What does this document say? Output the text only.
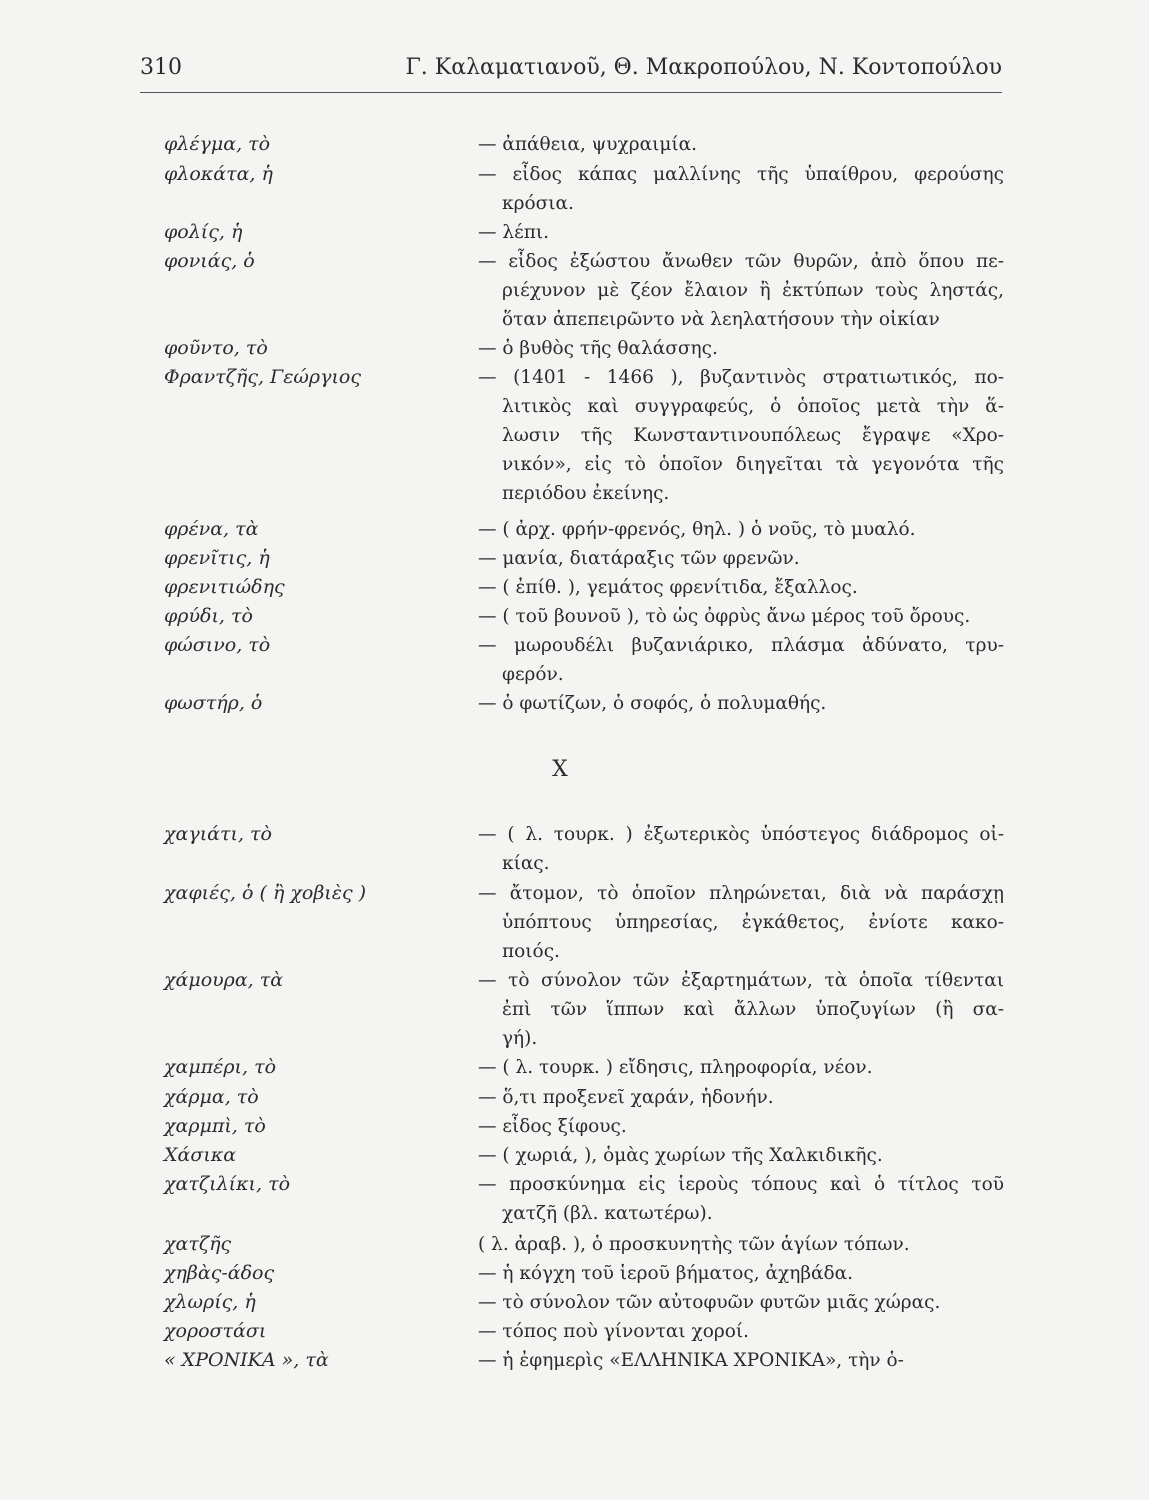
310	Γ. Καλαματιανοῦ, Θ. Μακροπούλου, Ν. Κοντοπούλου
φλέγμα, τὸ	— ἀπάθεια, ψυχραιμία.
φλοκάτα, ἡ	— εἶδος κάπας μαλλίνης τῆς ὑπαίθρου, φερούσης
κρόσια.
φολίς, ἡ	— λέπι.
φονιάς, ὁ	— εἶδος ἐξώστου ἄνωθεν τῶν θυρῶν, ἀπὸ ὅπου πε-
ριέχυνον μὲ ζέον ἔλαιον ἢ ἐκτύπων τοὺς ληστάς,
ὅταν ἀπεπειρῶντο νὰ λεηλατήσουν τὴν οἰκίαν
φοῦντο, τὸ	— ὁ βυθὸς τῆς θαλάσσης.
Φραντζῆς, Γεώργιος	— (1401 - 1466 ), βυζαντινὸς στρατιωτικός, πο-
λιτικὸς καὶ συγγραφεύς, ὁ ὁποῖος μετὰ τὴν ἅ-
λωσιν τῆς Κωνσταντινουπόλεως ἔγραψε «Χρο-
νικόν», εἰς τὸ ὁποῖον διηγεῖται τὰ γεγονότα τῆς
περιόδου ἐκείνης.
φρένα, τὰ	— ( ἀρχ. φρήν-φρενός, θηλ. ) ὁ νοῦς, τὸ μυαλό.
φρενῖτις, ἡ	— μανία, διατάραξις τῶν φρενῶν.
φρενιτιώδης	— ( ἐπίθ. ), γεμάτος φρενίτιδα, ἔξαλλος.
φρύδι, τὸ	— ( τοῦ βουνοῦ ), τὸ ὡς ὀφρὺς ἄνω μέρος τοῦ ὄρους.
φώσινο, τὸ	— μωρουδέλι βυζανιάρικο, πλάσμα ἀδύνατο, τρυ-
φερόν.
φωστήρ, ὁ	— ὁ φωτίζων, ὁ σοφός, ὁ πολυμαθής.
χαγιάτι, τὸ	— ( λ. τουρκ. ) ἐξωτερικὸς ὑπόστεγος διάδρομος οἰ-
κίας.
χαφιές, ὁ ( ἢ χοβιὲς )	— ἄτομον, τὸ ὁποῖον πληρώνεται, διὰ νὰ παράσχῃ
ὑπόπτους ὑπηρεσίας, ἐγκάθετος, ἐνίοτε κακο-
ποιός.
χάμουρα, τὰ	— τὸ σύνολον τῶν ἐξαρτημάτων, τὰ ὁποῖα τίθενται
ἐπὶ τῶν ἵππων καὶ ἄλλων ὑποζυγίων (ἢ σα-
γή).
χαμπέρι, τὸ	— ( λ. τουρκ. ) εἴδησις, πληροφορία, νέον.
χάρμα, τὸ	— ὅ,τι προξενεῖ χαράν, ἡδονήν.
χαρμπὶ, τὸ	— εἶδος ξίφους.
Χάσικα	— ( χωριά, ), ὁμὰς χωρίων τῆς Χαλκιδικῆς.
χατζιλίκι, τὸ	— προσκύνημα εἰς ἱεροὺς τόπους καὶ ὁ τίτλος τοῦ
χατζῆ (βλ. κατωτέρω).
χατζῆς	( λ. ἀραβ. ), ὁ προσκυνητὴς τῶν ἁγίων τόπων.
χηβὰς-άδος	— ἡ κόγχη τοῦ ἱεροῦ βήματος, ἀχηβάδα.
χλωρίς, ἡ	— τὸ σύνολον τῶν αὐτοφυῶν φυτῶν μιᾶς χώρας.
χοροστάσι	— τόπος ποὺ γίνονται χοροί.
« ΧΡΟΝΙΚΑ », τὰ	— ἡ ἐφημερὶς «ΕΛΛΗΝΙΚΑ ΧΡΟΝΙΚΑ», τὴν ὁ-
Χ
